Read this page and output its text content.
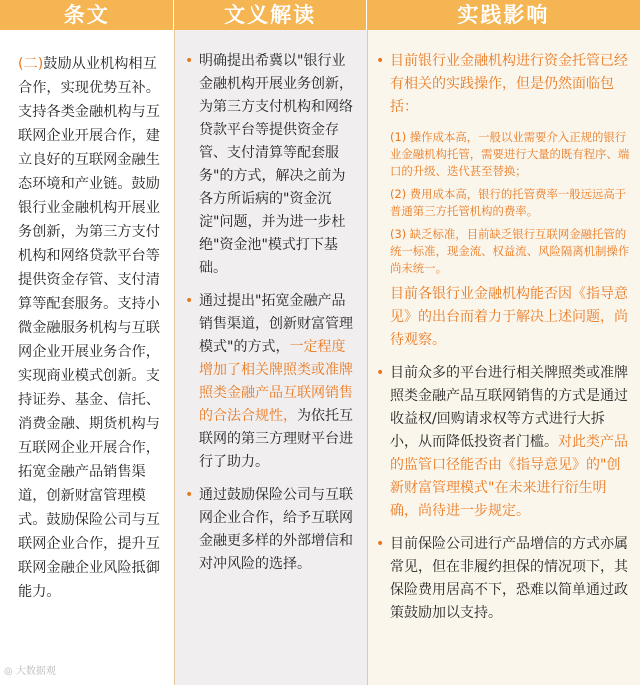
条文	文义解读	实践影响
(二)鼓励从业机构相互合作，实现优势互补。支持各类金融机构与互联网企业开展合作，建立良好的互联网金融生态环境和产业链。鼓励银行业金融机构开展业务创新，为第三方支付机构和网络贷款平台等提供资金存管、支付清算等配套服务。支持小微金融服务机构与互联网企业开展业务合作，实现商业模式创新。支持证券、基金、信托、消费金融、期货机构与互联网企业开展合作，拓宽金融产品销售渠道，创新财富管理模式。鼓励保险公司与互联网企业合作，提升互联网金融企业风险抵御能力。
• 明确提出希冀以"银行业金融机构开展业务创新，为第三方支付机构和网络贷款平台等提供资金存管、支付清算等配套服务"的方式，解决之前为各方所诟病的"资金沉淀"问题，并为进一步杜绝"资金池"模式打下基础。
• 通过提出"拓宽金融产品销售渠道，创新财富管理模式"的方式，一定程度增加了相关牌照类或准牌照类金融产品互联网销售的合法合规性，为依托互联网的第三方理财平台进行了助力。
• 通过鼓励保险公司与互联网企业合作，给予互联网金融更多样的外部增信和对冲风险的选择。
• 目前银行业金融机构进行资金托管已经有相关的实践操作，但是仍然面临包括：
(1) 操作成本高，一般以业需要介入正规的银行业金融机构托管，需要进行大量的既有程序、端口的升级、迭代甚至替换；
(2) 费用成本高，银行的托管费率一般远远高于普通第三方托管机构的费率。
(3) 缺乏标准，目前缺乏银行互联网金融托管的统一标准，现金流、权益流、风险隔离机制操作尚未统一。
目前各银行业金融机构能否因《指导意见》的出台而着力于解决上述问题，尚待观察。
• 目前众多的平台进行相关牌照类或准牌照类金融产品互联网销售的方式是通过收益权/回购请求权等方式进行大拆小，从而降低投资者门槛。对此类产品的监管口径能否由《指导意见》的"创新财富管理模式"在未来进行衍生明确，尚待进一步规定。
• 目前保险公司进行产品增信的方式亦属常见，但在非履约担保的情况项下，其保险费用居高不下，恐难以简单通过政策鼓励加以支持。
◎ 大数据观
